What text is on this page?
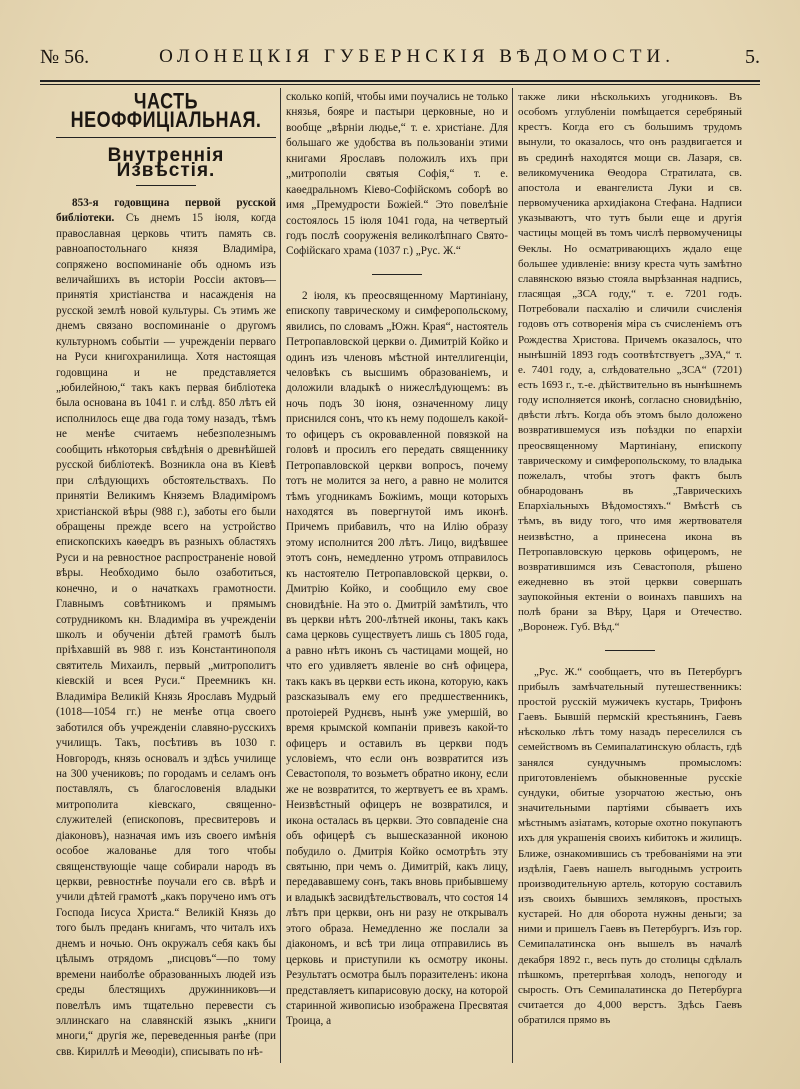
№ 56.	ОЛОНЕЦКІЯ ГУБЕРНСКІЯ ВѢДОМОСТИ.	5.
ЧАСТЬ НЕОФФИЦІАЛЬНАЯ.
Внутреннія Извѣстія.

853-я годовщина первой русской библіотеки. Съ днемъ 15 іюля, когда православная церковь чтитъ память св. равноапостольнаго князя Владиміра, сопряжено воспоминаніе объ одномъ изъ величайшихъ въ исторіи Россіи актовъ—принятія христіанства и насажденія на русской землѣ новой культуры. Съ этимъ же днемъ связано воспоминаніе о другомъ культурномъ событіи — учрежденіи перваго на Руси книгохранилища. Хотя настоящая годовщина и не представляется „юбилейною,“ такъ какъ первая библіотека была основана въ 1041 г. и слѣд. 850 лѣтъ ей исполнилось еще два года тому назадъ, тѣмъ не менѣе считаемъ небезполезнымъ сообщить нѣкоторыя свѣдѣнія о древнѣйшей русской библіотекѣ. Возникла она въ Кіевѣ при слѣдующихъ обстоятельствахъ. По принятіи Великимъ Княземъ Владиміромъ христіанской вѣры (988 г.), заботы его были обращены прежде всего на устройство епископскихъ каѳедръ въ разныхъ областяхъ Руси и на ревностное распространеніе новой вѣры. Необходимо было озаботиться, конечно, и о начаткахъ грамотности. Главнымъ совѣтникомъ и прямымъ сотрудникомъ кн. Владиміра въ учрежденіи школъ и обученіи дѣтей грамотѣ былъ пріѣхавшій въ 988 г. изъ Константинополя святитель Михаилъ, первый „митрополитъ кіевскій и всея Руси.“ Преемникъ кн. Владиміра Великій Князь Ярославъ Мудрый (1018—1054 гг.) не менѣе отца своего заботился объ учрежденіи славяно-русскихъ училищъ. Такъ, посѣтивъ въ 1030 г. Новгородъ, князь основалъ и здѣсь училище на 300 учениковъ; по городамъ и селамъ онъ поставлялъ, съ благословенія владыки митрополита кіевскаго, священно-служителей (епископовъ, пресвитеровъ и діаконовъ), назначая имъ изъ своего имѣнія особое жалованье для того чтобы священствующіе чаще собирали народъ въ церкви, ревностнѣе поучали его св. вѣрѣ и учили дѣтей грамотѣ „какъ поручено имъ отъ Господа Іисуса Христа.“ Великій Князь до того былъ преданъ книгамъ, что читалъ ихъ днемъ и ночью. Онъ окружалъ себя какъ бы цѣлымъ отрядомъ „писцовъ“—по тому времени наиболѣе образованныхъ людей изъ среды блестящихъ дружинниковъ—и повелѣлъ имъ тщательно перевести съ эллинскаго на славянскій языкъ „книги многи,“ другія же, переведенныя ранѣе (при свв. Кириллѣ и Меѳодіи), списывать по нѣ-

сколько копій, чтобы ими поучались не только князья, бояре и пастыри церковные, но и вообще „вѣрніи людье,“ т. е. христіане. Для большаго же удобства въ пользованіи этими книгами Ярославъ положилъ ихъ при „митрополіи святыя Софія,“ т. е. каѳедральномъ Кіево-Софійскомъ соборѣ во имя „Премудрости Божіей.“ Это повелѣніе состоялось 15 іюля 1041 года, на четвертый годъ послѣ сооруженія великолѣпнаго Свято-Софійскаго храма (1037 г.) „Рус. Ж.“

2 іюля, къ преосвященному Мартиніану, епископу таврическому и симферопольскому, явились, по словамъ „Южн. Края“, настоятель Петропавловской церкви о. Димитрій Койко и одинъ изъ членовъ мѣстной интеллигенціи, человѣкъ съ высшимъ образованіемъ, и доложили владыкѣ о нижеслѣдующемъ: въ ночь подъ 30 іюня, означенному лицу приснился сонъ, что къ нему подошелъ какой-то офицеръ съ окровавленной повязкой на головѣ и просилъ его передать священнику Петропавловской церкви вопросъ, почему тотъ не молится за него, а равно не молится тѣмъ угодникамъ Божіимъ, мощи которыхъ находятся въ повергнутой имъ иконѣ. Причемъ прибавилъ, что на Илію образу этому исполнится 200 лѣтъ. Лицо, видѣвшее этотъ сонъ, немедленно утромъ отправилось къ настоятелю Петропавловской церкви, о. Дмитрію Койко, и сообщило ему свое сновидѣніе. На это о. Дмитрій замѣтилъ, что въ церкви нѣтъ 200-лѣтней иконы, такъ какъ сама церковь существуетъ лишь съ 1805 года, а равно нѣтъ иконъ съ частицами мощей, но что его удивляетъ явленіе во снѣ офицера, такъ какъ въ церкви есть икона, которую, какъ разсказывалъ ему его предшественникъ, протоіерей Руднєвъ, нынѣ уже умершій, во время крымской компаніи привезъ какой-то офицеръ и оставилъ въ церкви подъ условіемъ, что если онъ возвратится изъ Севастополя, то возьметъ обратно икону, если же не возвратится, то жертвуетъ ее въ храмъ. Неизвѣстный офицеръ не возвратился, и икона осталась въ церкви. Это совпаденіе сна объ офицерѣ съ вышесказанной иконою побудило о. Дмитрія Койко осмотрѣть эту святыню, при чемъ о. Димитрій, какъ лицу, передававшему сонъ, такъ вновь прибывшему и владыкѣ засвидѣтельствовалъ, что состоя 14 лѣтъ при церкви, онъ ни разу не открывалъ этого образа. Немедленно же послали за діакономъ, и всѣ три лица отправились въ церковь и приступили къ осмотру иконы. Результатъ осмотра былъ поразителенъ: икона представляетъ кипарисовую доску, на которой старинной живописью изображена Пресвятая Троица, а

также лики нѣсколькихъ угодниковъ. Въ особомъ углубленіи помѣщается серебряный крестъ. Когда его съ большимъ трудомъ вынули, то оказалось, что онъ раздвигается и въ срединѣ находятся мощи св. Лазаря, св. великомученика Ѳеодора Стратилата, св. апостола и евангелиста Луки и св. первомученика архидіакона Стефана. Надписи указываютъ, что тутъ были еще и другія частицы мощей въ томъ числѣ первомученицы Ѳеклы. Но осматривающихъ ждало еще большее удивленіе: внизу креста чуть замѣтно славянскою вязью стояла вырѣзанная надпись, гласящая „ЗСА году,“ т. е. 7201 годъ. Потребовали пасхалію и сличили счисленія годовъ отъ сотворенія міра съ счисленіемъ отъ Рождества Христова. Причемъ оказалось, что нынѣшній 1893 годъ соотвѣтствуетъ „ЗУА,“ т. е. 7401 году, а, слѣдовательно „ЗСА“ (7201) есть 1693 г., т.-е. дѣйствительно въ нынѣшнемъ году исполняется иконѣ, согласно сновидѣнію, двѣсти лѣтъ. Когда объ этомъ было доложено возвратившемуся изъ поѣздки по епархіи преосвященному Мартиніану, епископу таврическому и симферопольскому, то владыка пожелалъ, чтобы этотъ фактъ былъ обнародованъ въ „Таврическихъ Епархіальныхъ Вѣдомостяхъ.“ Вмѣстѣ съ тѣмъ, въ виду того, что имя жертвователя неизвѣстно, а принесена икона въ Петропавловскую церковь офицеромъ, не возвратившимся изъ Севастополя, рѣшено ежедневно въ этой церкви совершать заупокойныя ектеніи о воинахъ павшихъ на полѣ брани за Вѣру, Царя и Отечество. „Воронеж. Губ. Вѣд.“

„Рус. Ж.“ сообщаетъ, что въ Петербургъ прибылъ замѣчательный путешественникъ: простой русскій мужичекъ кустарь, Трифонъ Гаевъ. Бывшій пермскій крестьянинъ, Гаевъ нѣсколько лѣтъ тому назадъ переселился съ семействомъ въ Семипалатинскую область, гдѣ занялся сундучнымъ промысломъ: приготовленіемъ обыкновенные русскіе сундуки, обитые узорчатою жестью, онъ значительными партіями сбываетъ ихъ мѣстнымъ азіатамъ, которые охотно покупаютъ ихъ для украшенія своихъ кибитокъ и жилищъ. Ближе, ознакомившись съ требованіями на эти издѣлія, Гаевъ нашелъ выгоднымъ устроить производительную артель, которую составилъ изъ своихъ бывшихъ земляковъ, простыхъ кустарей. Но для оборота нужны деньги; за ними и пришелъ Гаевъ въ Петербургъ. Изъ гор. Семипалатинска онъ вышелъ въ началѣ декабря 1892 г., весь путь до столицы сдѣлалъ пѣшкомъ, претерпѣвая холодъ, непогоду и сырость. Отъ Семипалатинска до Петербурга считается до 4,000 верстъ. Здѣсь Гаевъ обратился прямо въ
